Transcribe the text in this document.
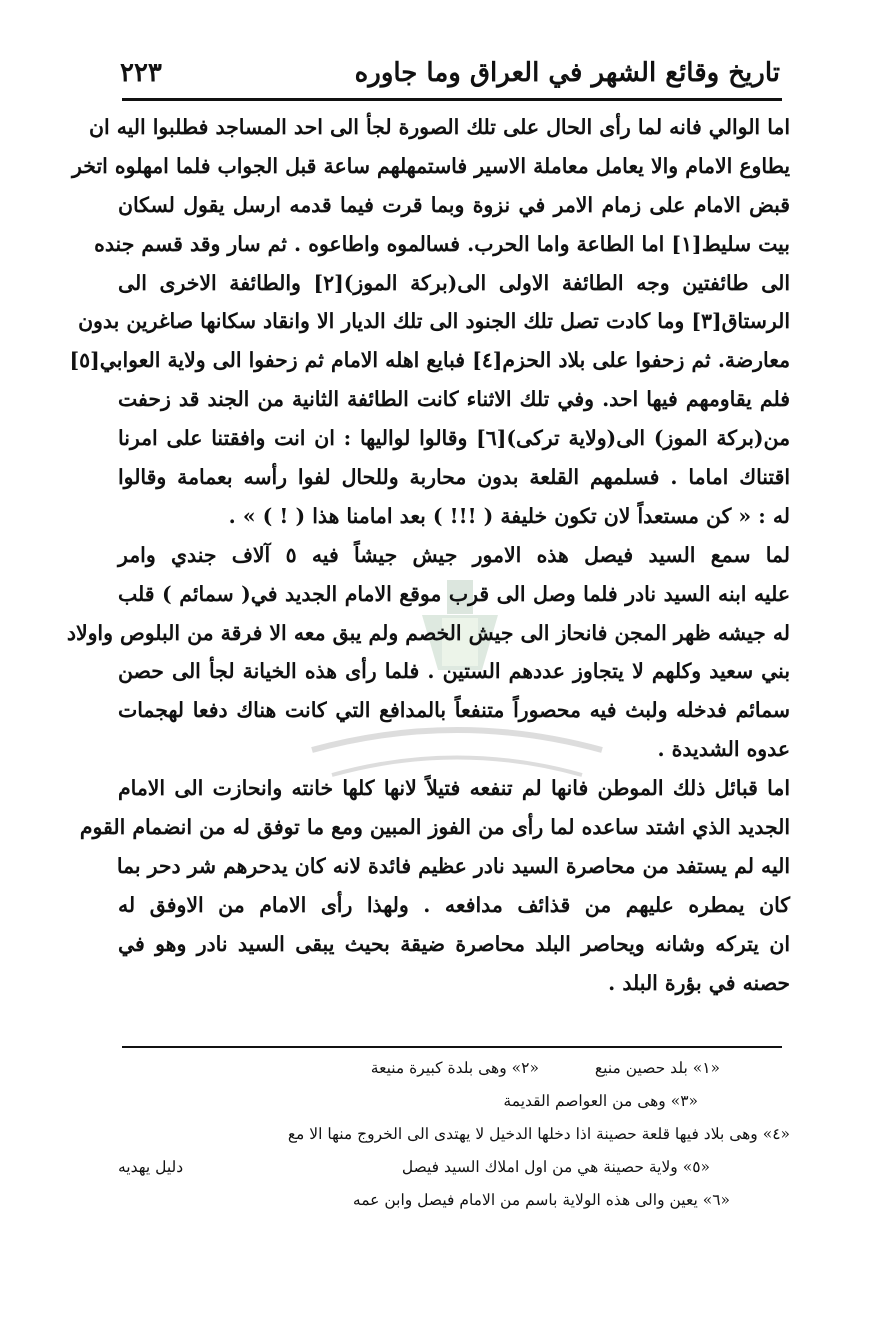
تاريخ وقائع الشهر في العراق وما جاوره
٢٢٣
اما الوالي فانه لما رأى الحال على تلك الصورة لجأ الى احد المساجد فطلبوا اليه ان
يطاوع الامام والا يعامل معاملة الاسير فاستمهلهم ساعة قبل الجواب فلما امهلوه اتخر
قبض الامام على زمام الامر في نزوة وبما قرت فيما قدمه ارسل يقول لسكان
بيت سليط[١] اما الطاعة واما الحرب. فسالموه واطاعوه . ثم سار وقد قسم جنده
الى طائفتين وجه الطائفة الاولى الى(بركة الموز)[٢] والطائفة الاخرى الى
الرستاق[٣] وما كادت تصل تلك الجنود الى تلك الديار الا وانقاد سكانها صاغرين بدون
معارضة. ثم زحفوا على بلاد الحزم[٤] فبايع اهله الامام ثم زحفوا الى ولاية العوابي[٥]
فلم يقاومهم فيها احد. وفي تلك الاثناء كانت الطائفة الثانية من الجند قد زحفت
من(بركة الموز) الى(ولاية تركى)[٦] وقالوا لواليها : ان انت وافقتنا على امرنا
اقتناك اماما . فسلمهم القلعة بدون محاربة وللحال لفوا رأسه بعمامة وقالوا
له : « كن مستعداً لان تكون خليفة ( !!! ) بعد امامنا هذا ( ! ) » .
لما سمع السيد فيصل هذه الامور جيش جيشاً فيه ٥ آلاف جندي وامر
عليه ابنه السيد نادر فلما وصل الى قرب موقع الامام الجديد في( سمائم ) قلب
له جيشه ظهر المجن فانحاز الى جيش الخصم ولم يبق معه الا فرقة من البلوص واولاد
بني سعيد وكلهم لا يتجاوز عددهم الستين . فلما رأى هذه الخيانة لجأ الى حصن
سمائم فدخله ولبث فيه محصوراً متنفعاً بالمدافع التي كانت هناك دفعا لهجمات
عدوه الشديدة .
اما قبائل ذلك الموطن فانها لم تنفعه فتيلاً لانها كلها خانته وانحازت الى الامام
الجديد الذي اشتد ساعده لما رأى من الفوز المبين ومع ما توفق له من انضمام القوم
اليه لم يستفد من محاصرة السيد نادر عظيم فائدة لانه كان يدحرهم شر دحر بما
كان يمطره عليهم من قذائف مدافعه . ولهذا رأى الامام من الاوفق له
ان يتركه وشانه ويحاصر البلد محاصرة ضيقة بحيث يبقى السيد نادر وهو في
حصنه في بؤرة البلد .
«١» بلد حصين منيع
«٢» وهى بلدة كبيرة منيعة
«٣» وهى من العواصم القديمة
«٤» وهى بلاد فيها قلعة حصينة اذا دخلها الدخيل لا يهتدى الى الخروج منها الا مع
دليل يهديه	«٥» ولاية حصينة هي من اول املاك السيد فيصل
«٦» يعين والى هذه الولاية باسم من الامام فيصل وابن عمه
